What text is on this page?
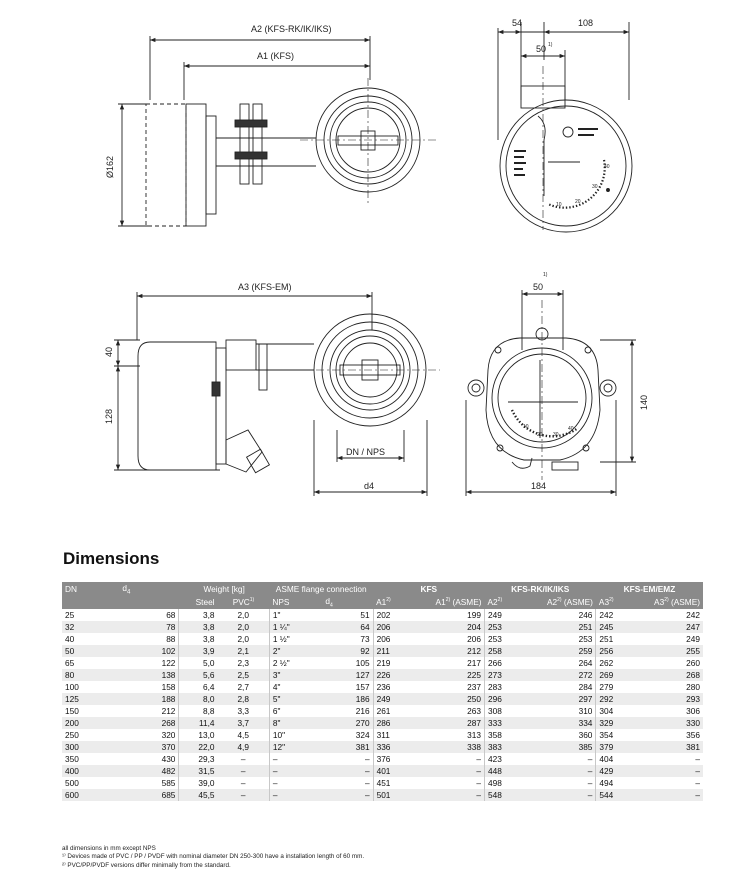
A2 (KFS-RK/IK/IKS)
A1 (KFS)
Ø162
54	108
50 1)
A3 (KFS-EM)
40
128
DN / NPS
d4
1)
50
184
140
10	20
30
40
10
20 30
40
Dimensions
DN	$d_4$	Weight [kg]		ASME flange connection		KFS		KFS-RK/IK/IKS		KFS-EM/EMZ	
		Steel	PVC$^{1)}$	NPS	$d_4$	A1$^{2)}$	A1$^{2)}$ (ASME)	A2$^{2)}$	A2$^{2)}$ (ASME)	A3$^{2)}$	A3$^{2)}$ (ASME)
25	68	3,8	2,0	1"	51	202	199	249	246	242	242
32	78	3,8	2,0	1 ¼"	64	206	204	253	251	245	247
40	88	3,8	2,0	1 ½"	73	206	206	253	253	251	249
50	102	3,9	2,1	2"	92	211	212	258	259	256	255
65	122	5,0	2,3	2 ½"	105	219	217	266	264	262	260
80	138	5,6	2,5	3"	127	226	225	273	272	269	268
100	158	6,4	2,7	4"	157	236	237	283	284	279	280
125	188	8,0	2,8	5"	186	249	250	296	297	292	293
150	212	8,8	3,3	6"	216	261	263	308	310	304	306
200	268	11,4	3,7	8"	270	286	287	333	334	329	330
250	320	13,0	4,5	10"	324	311	313	358	360	354	356
300	370	22,0	4,9	12"	381	336	338	383	385	379	381
350	430	29,3	–	–	–	376	–	423	–	404	–
400	482	31,5	–	–	–	401	–	448	–	429	–
500	585	39,0	–	–	–	451	–	498	–	494	–
600	685	45,5	–	–	–	501	–	548	–	544	–
all dimensions in mm except NPS
¹⁾ Devices made of PVC / PP / PVDF with nominal diameter DN 250-300 have a installation length of 60 mm.
²⁾ PVC/PP/PVDF versions differ minimally from the standard.
